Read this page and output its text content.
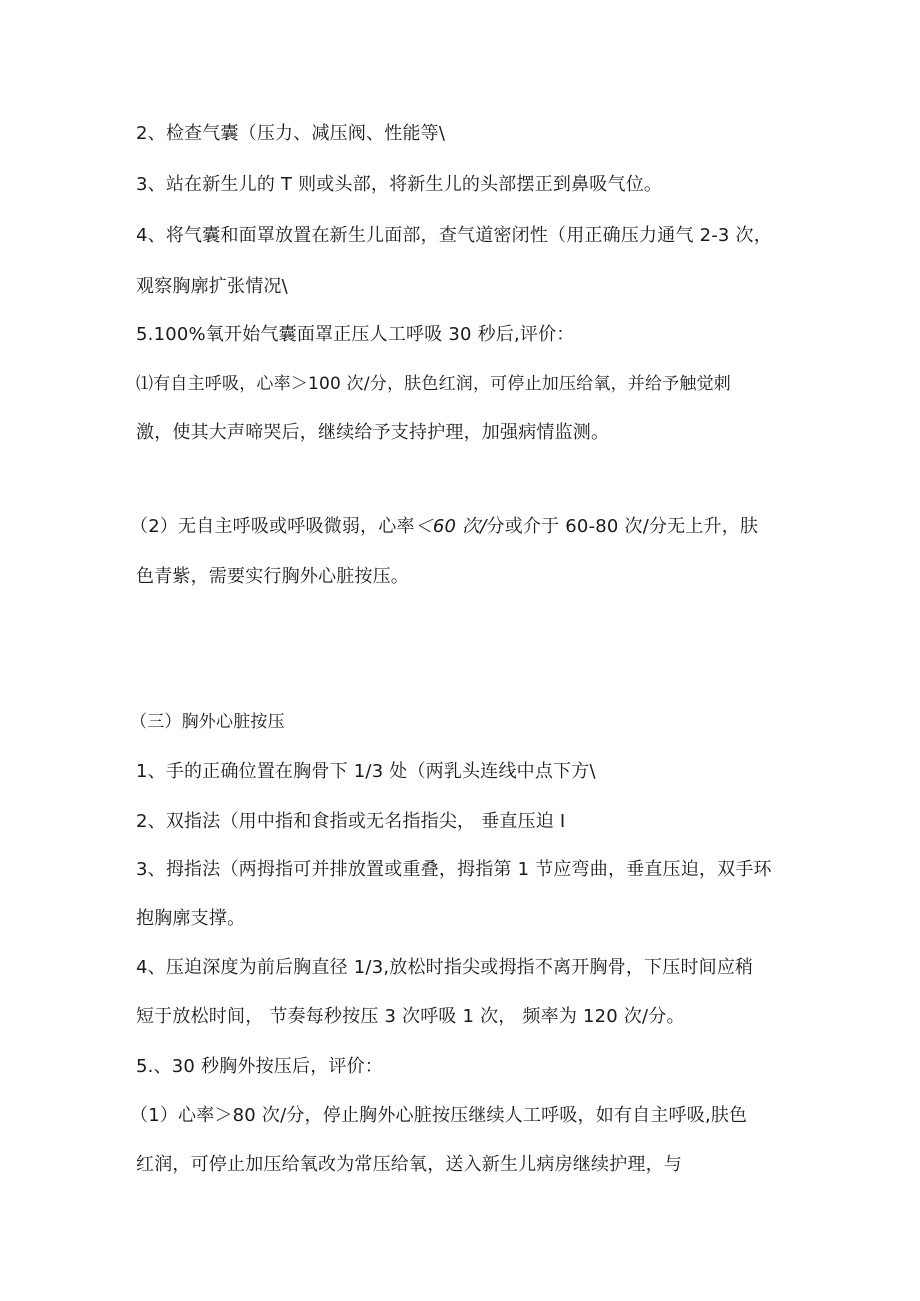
2、检查气囊（压力、减压阀、性能等\

3、站在新生儿的 T 则或头部，将新生儿的头部摆正到鼻吸气位。

4、将气囊和面罩放置在新生儿面部，查气道密闭性（用正确压力通气 2-3 次，

观察胸廓扩张情况\

5.100%氧开始气囊面罩正压人工呼吸 30 秒后,评价：

⑴有自主呼吸，心率＞100 次/分，肤色红润，可停止加压给氧，并给予触觉刺

激，使其大声啼哭后，继续给予支持护理，加强病情监测。

（2）无自主呼吸或呼吸微弱，心率＜60 次/分或介于 60-80 次/分无上升，肤

色青紫，需要实行胸外心脏按压。

（三）胸外心脏按压

1、手的正确位置在胸骨下 1/3 处（两乳头连线中点下方\

2、双指法（用中指和食指或无名指指尖， 垂直压迫 I

3、拇指法（两拇指可并排放置或重叠，拇指第 1 节应弯曲，垂直压迫，双手环

抱胸廓支撑。

4、压迫深度为前后胸直径 1/3,放松时指尖或拇指不离开胸骨，下压时间应稍

短于放松时间， 节奏每秒按压 3 次呼吸 1 次， 频率为 120 次/分。

5.、30 秒胸外按压后，评价：

（1）心率＞80 次/分，停止胸外心脏按压继续人工呼吸，如有自主呼吸,肤色

红润，可停止加压给氧改为常压给氧，送入新生儿病房继续护理，与
